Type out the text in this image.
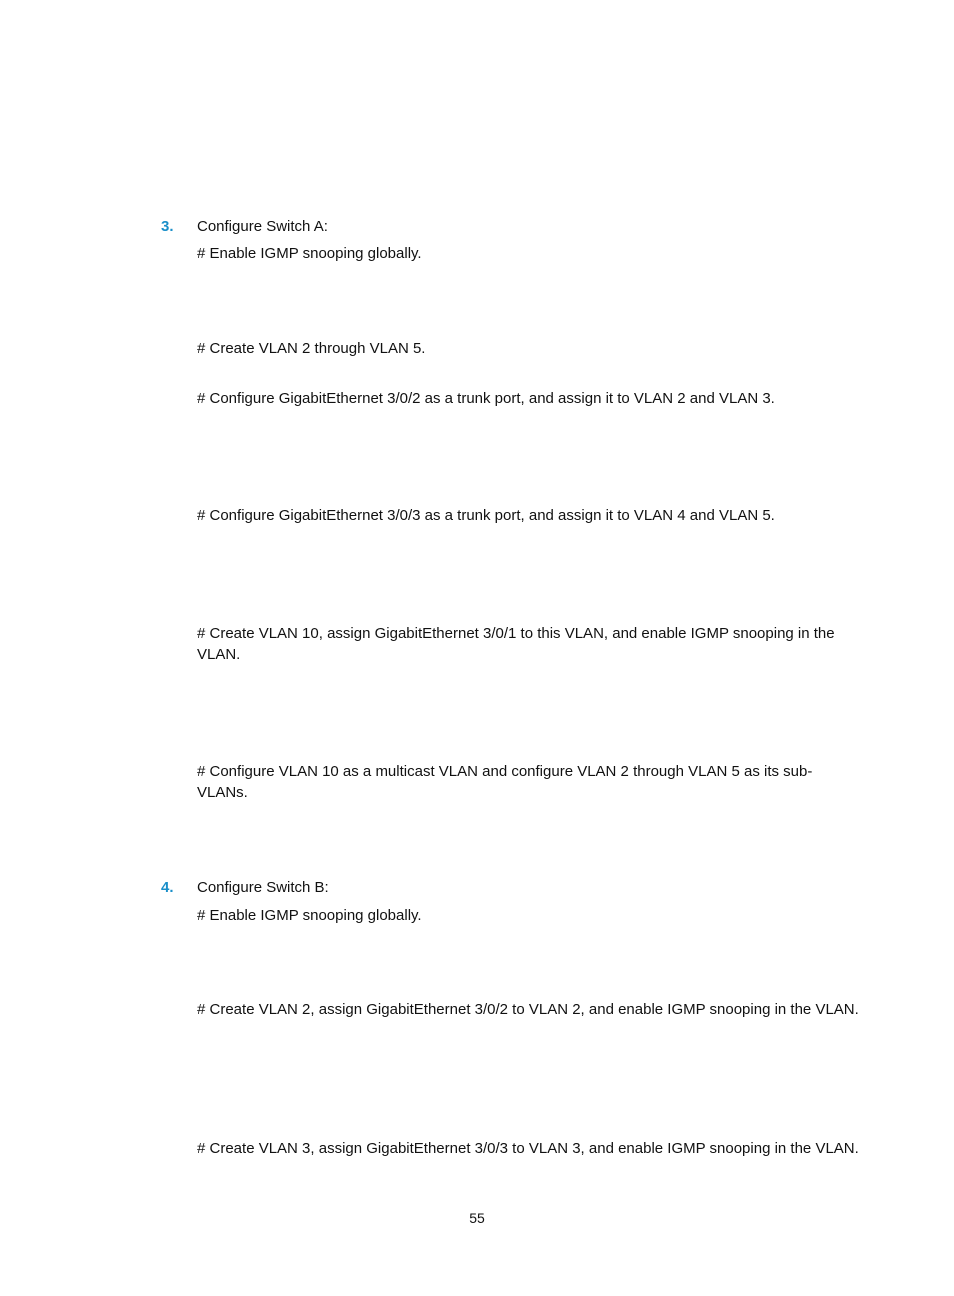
3. Configure Switch A:
# Enable IGMP snooping globally.
# Create VLAN 2 through VLAN 5.
# Configure GigabitEthernet 3/0/2 as a trunk port, and assign it to VLAN 2 and VLAN 3.
# Configure GigabitEthernet 3/0/3 as a trunk port, and assign it to VLAN 4 and VLAN 5.
# Create VLAN 10, assign GigabitEthernet 3/0/1 to this VLAN, and enable IGMP snooping in the VLAN.
# Configure VLAN 10 as a multicast VLAN and configure VLAN 2 through VLAN 5 as its sub-VLANs.
4. Configure Switch B:
# Enable IGMP snooping globally.
# Create VLAN 2, assign GigabitEthernet 3/0/2 to VLAN 2, and enable IGMP snooping in the VLAN.
# Create VLAN 3, assign GigabitEthernet 3/0/3 to VLAN 3, and enable IGMP snooping in the VLAN.
55
